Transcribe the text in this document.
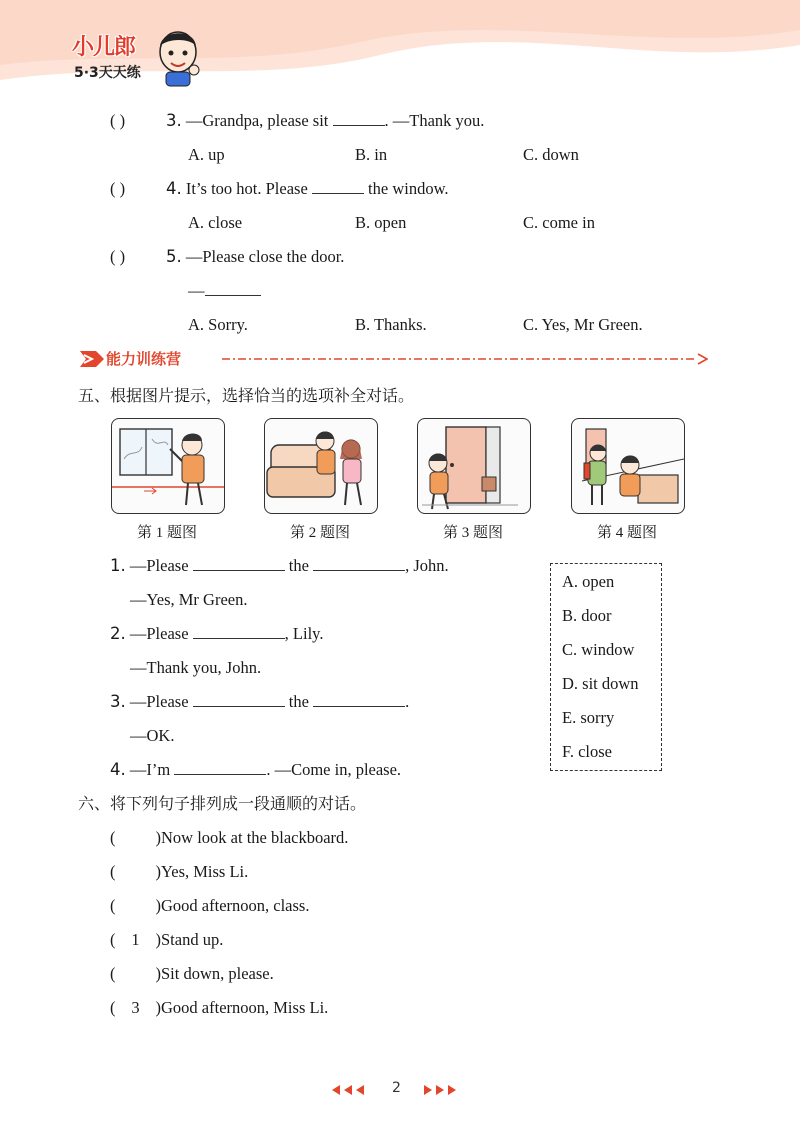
小儿郎
5·3天天练
( ) 3. —Grandpa, please sit	. —Thank you.
A. up	B. in	C. down
( ) 4. It’s too hot. Please	the window.
A. close	B. open	C. come in
( ) 5. —Please close the door.
—
A. Sorry.	B. Thanks.	C. Yes, Mr Green.
能力训练营
五、根据图片提示，选择恰当的选项补全对话。
第 1 题图	第 2 题图	第 3 题图	第 4 题图
1. —Please	the	, John.
—Yes, Mr Green.
2. —Please	, Lily.
—Thank you, John.
3. —Please	the	.
—OK.
4. —I’m	. —Come in, please.
A. open
B. door
C. window
D. sit down
E. sorry
F. close
六、将下列句子排列成一段通顺的对话。
( )Now look at the blackboard.
( )Yes, Miss Li.
( )Good afternoon, class.
( 1 )Stand up.
( )Sit down, please.
( 3 )Good afternoon, Miss Li.
2
